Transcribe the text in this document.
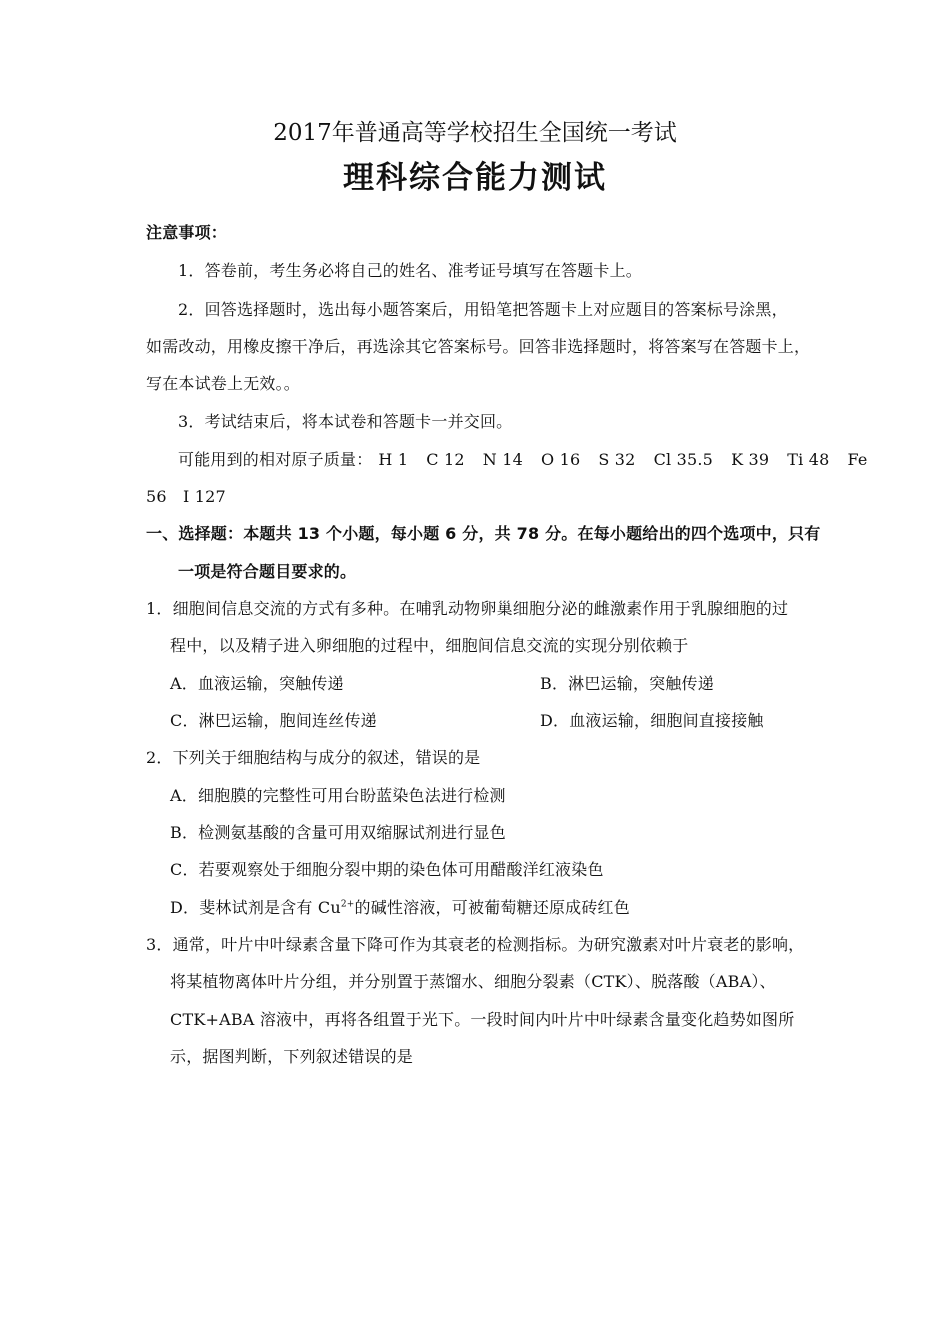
2017年普通高等学校招生全国统一考试
理科综合能力测试
注意事项：
1．答卷前，考生务必将自己的姓名、准考证号填写在答题卡上。
2．回答选择题时，选出每小题答案后，用铅笔把答题卡上对应题目的答案标号涂黑，
如需改动，用橡皮擦干净后，再选涂其它答案标号。回答非选择题时，将答案写在答题卡上，
写在本试卷上无效。。
3．考试结束后，将本试卷和答题卡一并交回。
可能用到的相对原子质量： H 1 C 12 N 14 O 16 S 32 Cl 35.5 K 39 Ti 48 Fe
56　I 127
一、选择题：本题共 13 个小题，每小题 6 分，共 78 分。在每小题给出的四个选项中，只有
一项是符合题目要求的。
1．细胞间信息交流的方式有多种。在哺乳动物卵巢细胞分泌的雌激素作用于乳腺细胞的过
程中，以及精子进入卵细胞的过程中，细胞间信息交流的实现分别依赖于
A．血液运输，突触传递	B．淋巴运输，突触传递
C．淋巴运输，胞间连丝传递	D．血液运输，细胞间直接接触
2．下列关于细胞结构与成分的叙述，错误的是
A．细胞膜的完整性可用台盼蓝染色法进行检测
B．检测氨基酸的含量可用双缩脲试剂进行显色
C．若要观察处于细胞分裂中期的染色体可用醋酸洋红液染色
D．斐林试剂是含有 $Cu^{2+}$的碱性溶液，可被葡萄糖还原成砖红色
3．通常，叶片中叶绿素含量下降可作为其衰老的检测指标。为研究激素对叶片衰老的影响，
将某植物离体叶片分组，并分别置于蒸馏水、细胞分裂素（CTK）、脱落酸（ABA）、
CTK+ABA 溶液中，再将各组置于光下。一段时间内叶片中叶绿素含量变化趋势如图所
示，据图判断，下列叙述错误的是
